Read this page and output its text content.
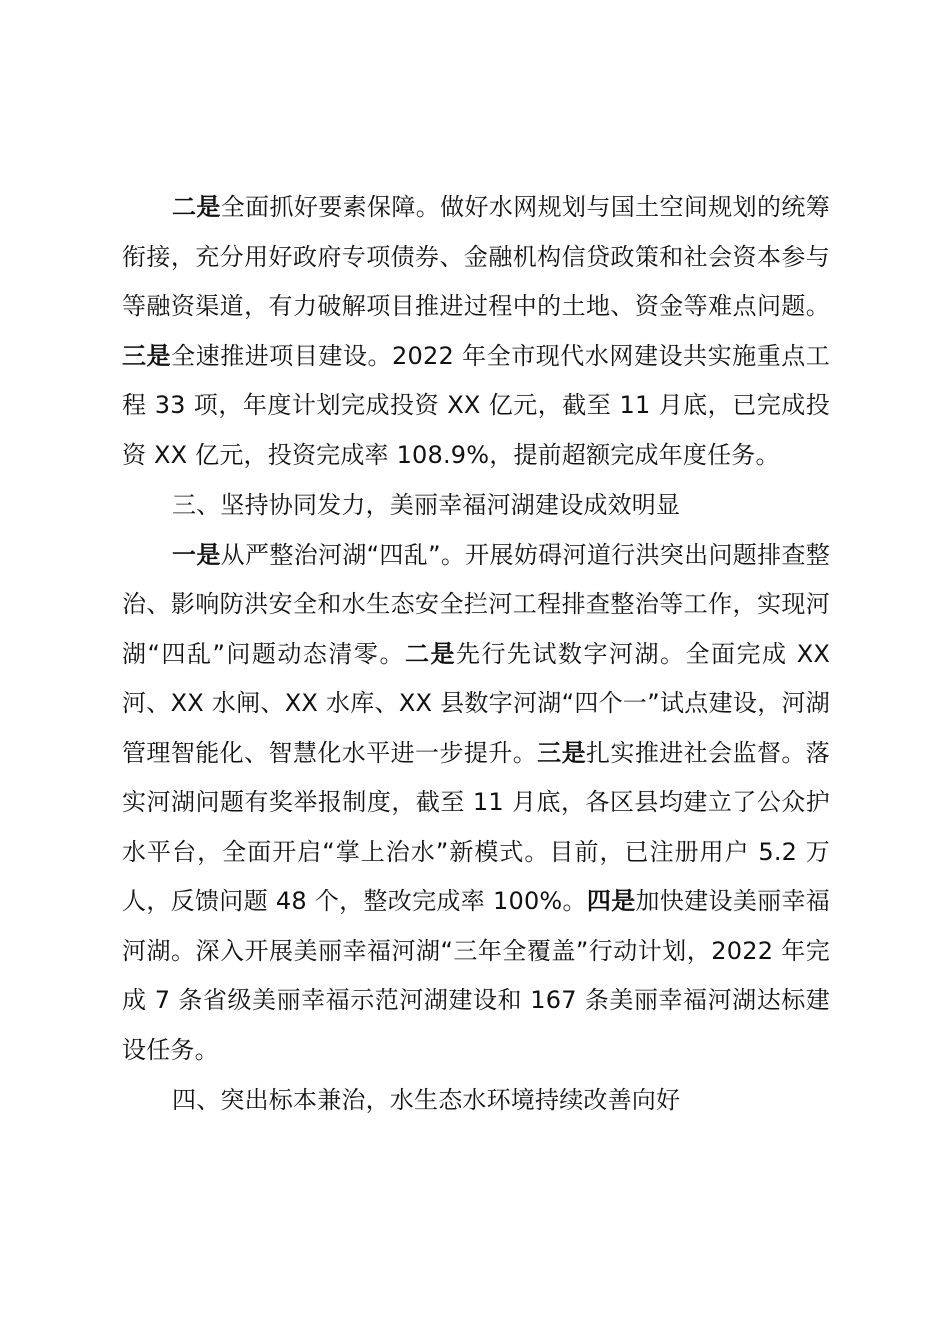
二是全面抓好要素保障。做好水网规划与国土空间规划的统筹衔接，充分用好政府专项债券、金融机构信贷政策和社会资本参与等融资渠道，有力破解项目推进过程中的土地、资金等难点问题。三是全速推进项目建设。2022 年全市现代水网建设共实施重点工程 33 项，年度计划完成投资 XX 亿元，截至 11 月底，已完成投资 XX 亿元，投资完成率 108.9%，提前超额完成年度任务。

三、坚持协同发力，美丽幸福河湖建设成效明显

一是从严整治河湖“四乱”。开展妨碍河道行洪突出问题排查整治、影响防洪安全和水生态安全拦河工程排查整治等工作，实现河湖“四乱”问题动态清零。二是先行先试数字河湖。全面完成 XX 河、XX 水闸、XX 水库、XX 县数字河湖“四个一”试点建设，河湖管理智能化、智慧化水平进一步提升。三是扎实推进社会监督。落实河湖问题有奖举报制度，截至 11 月底，各区县均建立了公众护水平台，全面开启“掌上治水”新模式。目前，已注册用户 5.2 万人，反馈问题 48 个，整改完成率 100%。四是加快建设美丽幸福河湖。深入开展美丽幸福河湖“三年全覆盖”行动计划，2022 年完成 7 条省级美丽幸福示范河湖建设和 167 条美丽幸福河湖达标建设任务。

四、突出标本兼治，水生态水环境持续改善向好
